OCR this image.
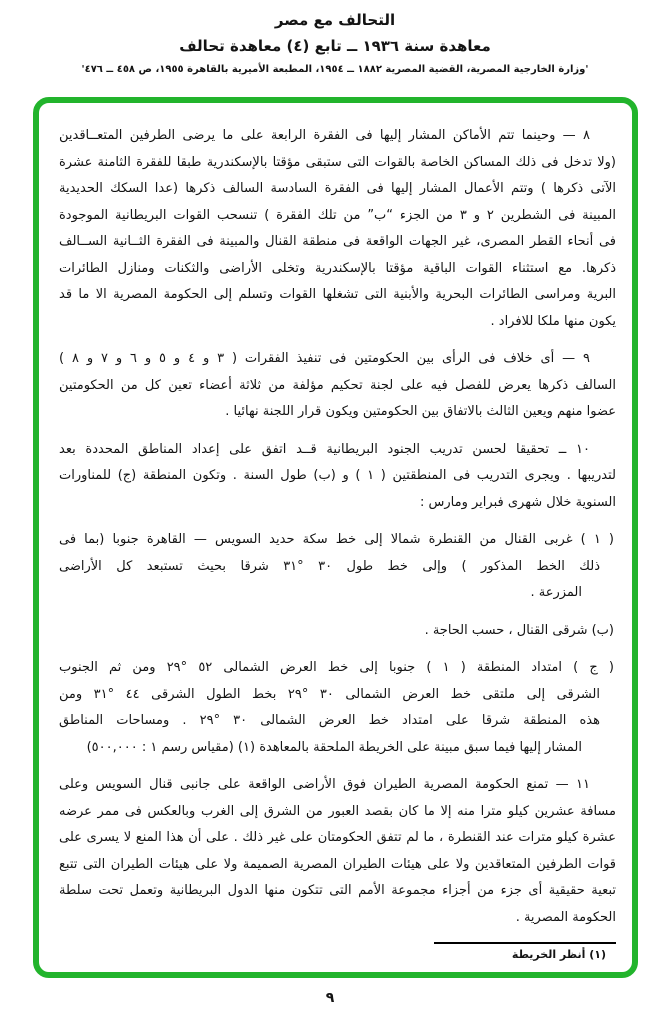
التحالف مع مصر
معاهدة سنة ١٩٣٦ ــ تابع (٤) معاهدة تحالف
'وزارة الخارجية المصرية، القضية المصرية ١٨٨٢ ــ ١٩٥٤، المطبعة الأميرية بالقاهرة ١٩٥٥، ص ٤٥٨ ــ ٤٧٦'
٨ — وحينما تتم الأماكن المشار إليها فى الفقرة الرابعة على ما يرضى الطرفين المتعــاقدين
(ولا تدخل فى ذلك المساكن الخاصة بالقوات التى ستبقى مؤقتا بالإسكندرية طبقا للفقرة الثامنة عشرة
الآتى ذكرها ) وتتم الأعمال المشار إليها فى الفقرة السادسة السالف ذكرها (عدا السكك الحديدية
المبينة فى الشطرين ٢ و ٣ من الجزء “ب” من تلك الفقرة ) تنسحب القوات البريطانية الموجودة
فى أنحاء القطر المصرى، غير الجهات الواقعة فى منطقة القنال والمبينة فى الفقرة الثــانية الســالف
ذكرها. مع استثناء القوات الباقية مؤقتا بالإسكندرية وتخلى الأراضى والثكنات ومنازل الطائرات
البرية ومراسى الطائرات البحرية والأبنية التى تشغلها القوات وتسلم إلى الحكومة المصرية الا ما قد
يكون منها ملكا للافراد .
٩ — أى خلاف فى الرأى بين الحكومتين فى تنفيذ الفقرات ( ٣ و ٤ و ٥ و ٦ و ٧ و ٨ )
السالف ذكرها يعرض للفصل فيه على لجنة تحكيم مؤلفة من ثلاثة أعضاء تعين كل من الحكومتين
عضوا منهم ويعين الثالث بالاتفاق بين الحكومتين ويكون قرار اللجنة نهائيا .
١٠ ــ تحقيقا لحسن تدريب الجنود البريطانية قــد اتفق على إعداد المناطق المحددة بعد
لتدريبها . ويجرى التدريب فى المنطقتين ( ١ ) و (ب) طول السنة . وتكون المنطقة (ج) للمناورات
السنوية خلال شهرى فبراير ومارس :
( ١ ) غربى القنال من القنطرة شمالا إلى خط سكة حديد السويس — القاهرة جنوبا (بما فى
ذلك الخط المذكور ) وإلى خط طول ٣٠ °٣١ شرقا بحيث تستبعد كل الأراضى
المزرعة .
(ب) شرقى القنال ، حسب الحاجة .
( ج ) امتداد المنطقة ( ١ ) جنوبا إلى خط العرض الشمالى ٥٢ °٢٩ ومن ثم الجنوب
الشرقى إلى ملتقى خط العرض الشمالى ٣٠ °٢٩ بخط الطول الشرقى ٤٤ °٣١ ومن
هذه المنطقة شرقا على امتداد خط العرض الشمالى ٣٠ °٢٩ . ومساحات المناطق
المشار إليها فيما سبق مبينة على الخريطة الملحقة بالمعاهدة (١) (مقياس رسم ١ : ٥٠٠,٠٠٠)
١١ — تمنع الحكومة المصرية الطيران فوق الأراضى الواقعة على جانبى قنال السويس وعلى
مسافة عشرين كيلو مترا منه إلا ما كان بقصد العبور من الشرق إلى الغرب وبالعكس فى ممر عرضه
عشرة كيلو مترات عند القنطرة ، ما لم تتفق الحكومتان على غير ذلك . على أن هذا المنع لا يسرى على
قوات الطرفين المتعاقدين ولا على هيئات الطيران المصرية الصميمة ولا على هيئات الطيران التى تتبع
تبعية حقيقية أى جزء من أجزاء مجموعة الأمم التى تتكون منها الدول البريطانية وتعمل تحت سلطة
الحكومة المصرية .
(١) أنظر الخريطة
٩
